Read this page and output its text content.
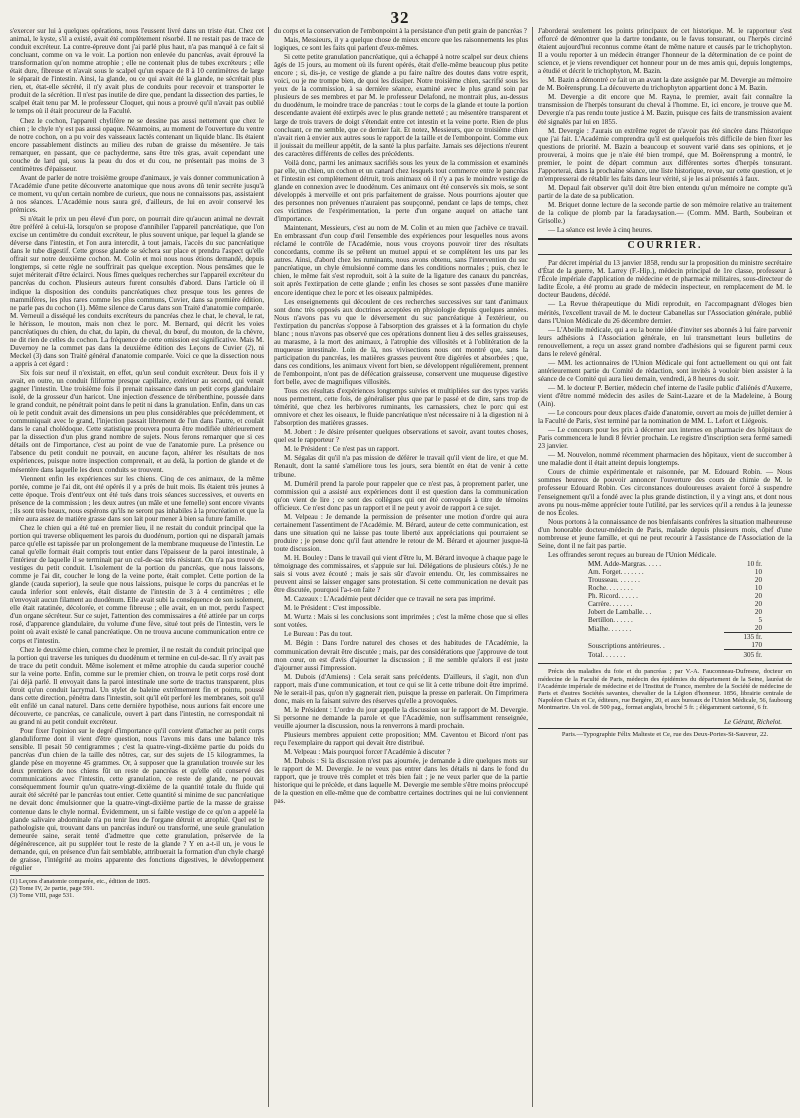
32

s'exercer sur lui à quelques opérations, nous l'eussent livré dans un triste état. Chez cet animal, le kyste, s'il a existé, avait été complètement résorbé. Il ne restait pas de trace de conduit excréteur. La contre-épreuve dont j'ai parlé plus haut, n'a pas manqué à ce fait si concluant, comme on va le voir. La portion non enlevée du pancréas, avait éprouvé la transformation qu'on nomme atrophie ; elle ne contenait plus de tubes excréteurs ; elle était dure, fibreuse et n'avait sous le scalpel qu'un espace de 8 à 10 centimètres de large le séparait de l'intestin. Ainsi, la glande, ou ce qui avait été la glande, ne sécrétait plus rien, et, état-elle sécrété, il n'y avait plus de conduits pour recevoir et transporter le produit de la sécrétion. Il n'est pas inutile de dire que, pendant la dissection des parties, le scalpel était tenu par M. le professeur Cloquet, qui nous a prouvé qu'il n'avait pas oublié le temps où il était procureur de la Faculté.

Chez le cochon, l'appareil chylifère ne se dessine pas aussi nettement que chez le chien ; le chyle n'y est pas aussi opaque. Néanmoins, au moment de l'ouverture du ventre de notre cochon, on a pu voir des vaisseaux lactés contenant un liquide blanc. Ils étaient encore passablement distincts au milieu des ruban de graisse du mésentère. Je tais remarquer, en passant, que ce pachyderme, sans être très gras, avait cependant une couche de lard qui, sous la peau du dos et du cou, ne présentait pas moins de 3 centimètres d'épaisseur.

Avant de parler de notre troisième groupe d'animaux, je vais donner communication à l'Académie d'une petite découverte anatomique que nous avons dû tenir secrète jusqu'à ce moment, vu qu'un certain nombre de curieux, que nous ne connaissons pas, assistaient à nos séances. L'Académie nous saura gré, d'ailleurs, de lui en avoir conservé les prémices.

Si n'était le prix un peu élevé d'un porc, on pourrait dire qu'aucun animal ne devrait être préféré à celui-là, lorsqu'on se propose d'annihiler l'appareil pancréatique, que l'on excise un centimètre du conduit excréteur, le plus souvent unique, par lequel la glande se déverse dans l'intestin, et l'on aura intercdit, à tout jamais, l'accès du suc pancréatique dans le tube digestif. Cette grosse glande se séchera sur place et prendra l'aspect qu'elle offrait sur notre deuxième cochon. M. Colin et moi nous nous étions demandé, depuis longtemps, si cette règle ne souffrirait pas quelque exception. Nous pensâmes que le sujet mériterait d'être éclairci. Nous fîmes quelques recherches sur l'appareil excréteur du pancréas du cochon. Plusieurs auteurs furent consultés d'abord. Dans l'article où il indique la disposition des conduits pancréatiques chez presque tous les genres de mammifères, les plus rares comme les plus communs, Cuvier, dans sa première édition, ne parle pas du cochon (1). Même silence de Carus dans son Traité d'anatomie comparée. M. Verneuil a disséqué les conduits excréteurs du pancréas chez le chat, le cheval, le rat, le hérisson, le mouton, mais non chez le porc. M. Bernard, qui décrit les voies pancréatiques du chien, du chat, du lapin, du cheval, du bœuf, du mouton, de la chèvre, ne dit rien de celles du cochon. La fréquence de cette omission est significative. Mais M. Duvernoy ne la commet pas dans la deuxième édition des Leçons de Cuvier (2), ni Meckel (3) dans son Traité général d'anatomie comparée. Voici ce que la dissection nous a appris à cet égard :

Six fois sur neuf il n'existait, en effet, qu'un seul conduit excréteur. Deux fois il y avait, en outre, un conduit filiforme presque capillaire, extérieur au second, qui venait gagner l'intestin. Une troisième fois il prenait naissance dans un petit corps glandulaire isolé, de la grosseur d'un haricot. Une injection d'essence de térébenthine, poussée dans le grand conduit, ne pénétrait point dans le petit ni dans la granulation. Enfin, dans un cas où le petit conduit avait des dimensions un peu plus considérables que précédemment, et communiquait avec le grand, l'injection passait librement de l'un dans l'autre, et coulait dans le canal cholédoque. Cette statistique prouvera pourra être modifiée ultérieurement par la dissection d'un plus grand nombre de sujets. Nous ferons remarquer que si ces détails ont de l'importance, c'est au point de vue de l'anatomie pure. La présence ou l'absence du petit conduit ne pouvait, en aucune façon, altérer les résultats de nos expériences, puisque notre inspection comprenait, et au delà, la portion de glande et de mésentère dans laquelle les deux conduits se trouvent.

Viennent enfin les expériences sur les chiens. Cinq de ces animaux, de la même portée, comme je l'ai dit, ont été opérés il y a près de huit mois. Ils étaient très jeunes à cette époque. Trois d'entr'eux ont été tués dans trois séances successives, et ouverts en présence de la commission ; les deux autres (un mâle et une femelle) sont encore vivants ; ils sont très beaux, nous espérons qu'ils ne seront pas inhabiles à la procréation et que la mère aura assez de matière grasse dans son lait pour mener à bien sa future famille.

Chez le chien qui a été tué en premier lieu, il ne restait du conduit principal que la portion qui traverse obliquement les parois du duodénum, portion qui ne disparaît jamais parce qu'elle est tapissée par un prolongement de la membrane muqueuse de l'intestin. Le canal qu'elle formait était compris tout entier dans l'épaisseur de la paroi intestinale, à l'intérieur de laquelle il se terminait par un cul-de-sac très résistant. On n'a pas trouvé de vestiges du petit conduit. L'isolement de la portion du pancréas, que nous laissons, comme je l'ai dit, coucher le long de la veine porte, était complet. Cette portion de la glande (cauda superior), la seule que nous laissions, puisque le corps du pancréas et le cauda inferior sont enlevés, était distante de l'intestin de 3 à 4 centimètres ; elle n'envoyait aucun filament au duodénum. Elle avait subi la conséquence de son isolement, elle était ratatinée, décolorée, et comme fibreuse ; elle avait, en un mot, perdu l'aspect d'un organe sécréteur. Sur ce sujet, l'attention des commissaires a été attirée par un corps rosé, d'apparence glandulaire, du volume d'une fève, situé tout près de l'intestin, vers le point où avait existé le canal pancréatique. On ne trouva aucune communication entre ce corps et l'intestin.

Chez le deuxième chien, comme chez le premier, il ne restait du conduit principal que la portion qui traverse les tuniques du duodénum et termine en cul-de-sac. Il n'y avait pas de trace du petit conduit. Même isolement et même atrophie du cauda superior couché sur la veine porte. Enfin, comme sur le premier chien, on trouva le petit corps rosé dont j'ai déjà parlé. Il envoyait dans la paroi intestinale une sorte de tractus transparent, plus étroit qu'un conduit lacrymal. Un stylet de baleine extrêmement fin et pointu, poussé dans cette direction, pénétra dans l'intestin, soit qu'il eût perforé les membranes, soit qu'il eût enfilé un canal naturel. Dans cette dernière hypothèse, nous aurions fait encore une découverte, ce pancréas, ce canalicule, ouvert à part dans l'intestin, ne correspondait ni au grand ni au petit conduit excréteur.

Pour fixer l'opinion sur le degré d'importance qu'il convient d'attacher au petit corps glanduliforme dont il vient d'être question, nous l'avons mis dans une balance très sensible. Il pesait 50 centigrammes ; c'est la quatre-vingt-dixième partie du poids du pancréas d'un chien de la taille des nôtres, car, sur des sujets de 15 kilogrammes, la glande pèse en moyenne 45 grammes. Or, à supposer que la granulation trouvée sur les deux premiers de nos chiens fût un reste de pancréas et qu'elle eût conservé des communications avec l'intestin, cette granulation, ce reste de glande, ne pouvait conséquemment fournir qu'un quatre-vingt-dixième de la quantité totale du fluide qui aurait été sécrété par le pancréas tout entier. Cette quantité si minime de suc pancréatique ne devait donc émulsionner que la quatre-vingt-dixième partie de la masse de graisse contenue dans le chyle normal. Évidemment, un si faible vestige de ce qu'on a appelé la glande salivaire abdominale n'a pu tenir lieu de l'organe détruit et atrophié. Quel est le pathologiste qui, trouvant dans un pancréas induré ou transformé, une seule granulation demeurée saine, serait tenté d'admettre que cette granulation, préservée de la dégénérescence, ait pu suppléer tout le reste de la glande ? Y en a-t-il un, je vous le demande, qui, en présence d'un fait semblable, attribuerait la formation d'un chyle chargé de graisse, l'intégrité au moins apparente des fonctions digestives, le développement régulier

(1) Leçons d'anatomie comparée, etc., édition de 1805.
(2) Tome IV, 2e partie, page 591.
(3) Tome VIII, page 531.

du corps et la conservation de l'embonpoint à la persistance d'un petit grain de pancréas ?

Mais, Messieurs, il y a quelque chose de mieux encore que les raisonnements les plus logiques, ce sont les faits qui parlent d'eux-mêmes.

Si cette petite granulation pancréatique, qui a échappé à notre scalpel sur deux chiens âgés de 15 jours, au moment où ils furent opérés, était d'elle-même beaucoup plus petite encore ; si, dis-je, ce vestige de glande a pu faire naître des doutes dans votre esprit, voici, ou je me trompe bien, de quoi les dissiper. Notre troisième chien, sacrifié sous les yeux de la commission, à sa dernière séance, examiné avec le plus grand soin par plusieurs de ses membres et par M. le professeur Delafond, ne montrait plus, au-dessus du duodénum, le moindre trace de pancréas : tout le corps de la glande et toute la portion descendante avaient été extirpés avec le plus grande netteté ; au mésentère transparent et large de trois travers de doigt s'étendait entre cet intestin et la veine porte. Rien de plus concluant, ce me semble, que ce dernier fait. Et notez, Messieurs, que ce troisième chien n'avait rien à envier aux autres sous le rapport de la taille et de l'embonpoint. Comme eux il jouissait du meilleur appétit, de la santé la plus parfaite. Jamais ses déjections n'eurent des caractères différents de celles des précédents.

Voilà donc, parmi les animaux sacrifiés sous les yeux de la commission et examinés par elle, un chien, un cochon et un canard chez lesquels tout commerce entre le pancréas et l'intestin est complètement détruit, trois animaux où il n'y a pas le moindre vestige de glande en connexion avec le duodénum. Ces animaux ont été conservés six mois, se sont développés à merveille et ont pris parfaitement de graisse. Nous pourrions ajouter que des personnes non prévenues n'auraient pas soupçonné, pendant ce laps de temps, chez ces victimes de l'expérimentation, la perte d'un organe auquel on attache tant d'importance.

Maintenant, Messieurs, c'est au nom de M. Colin et au mien que j'achève ce travail. En embrassant d'un coup d'œil l'ensemble des expériences pour lesquelles nous avons réclamé le contrôle de l'Académie, nous vous croyons pouvoir tirer des résultats concordants, comme ils se prêtent un mutuel appui et se complètent les uns par les autres. Ainsi, d'abord chez les ruminants, nous avons obtenu, sans l'intervention du suc pancréatique, un chyle émulsionné comme dans les conditions normales ; puis, chez le chien, le même fait s'est reproduit, soit à la suite de la ligature des canaux du pancréas, soit après l'extirpation de cette glande ; enfin les choses se sont passées d'une manière encore identique chez le porc et les oiseaux palmipèdes.

Les enseignements qui découlent de ces recherches successives sur tant d'animaux sont donc très opposés aux doctrines acceptées en physiologie depuis quelques années. Nous n'avons pas vu que le déversement du suc pancréatique à l'extérieur, ou l'extirpation du pancréas s'oppose à l'absorption des graisses et à la formation du chyle blanc ; nous n'avons pas observé que ces opérations donnent lieu à des selles graisseuses, au marasme, à la mort des animaux, à l'atrophie des villosités et à l'oblitération de la muqueuse intestinale. Loin de là, nos vivisections nous ont montré que, sans la participation du pancréas, les matières grasses peuvent être digérées et absorbées ; que, dans ces conditions, les animaux vivent fort bien, se développent régulièrement, prennent de l'embonpoint, n'ont pas de défécation graisseuse, conservent une muqueuse digestive fort belle, avec de magnifiques villosités.

Tous ces résultats d'expériences longtemps suivies et multipliées sur des types variés nous permettent, cette fois, de généraliser plus que par le passé et de dire, sans trop de témérité, que chez les herbivores ruminants, les carnassiers, chez le porc qui est omnivore et chez les oiseaux, le fluide pancréatique n'est nécessaire ni à la digestion ni à l'absorption des matières grasses.

M. Jobert : Je désire présenter quelques observations et savoir, avant toutes choses, quel est le rapporteur ?

M. le Président : Ce n'est pas un rapport.

M. Ségalas dit qu'il n'a pas mission de déférer le travail qu'il vient de lire, et que M. Renault, dont la santé s'améliore tous les jours, sera bientôt en état de venir à cette tribune.

M. Duméril prend la parole pour rappeler que ce n'est pas, à proprement parler, une commission qui a assisté aux expériences dont il est question dans la communication qu'on vient de lire ; ce sont des collègues qui ont été convoqués à titre de témoins officieux. Ce n'est donc pas un rapport et il ne peut y avoir de rapport à ce sujet.

M. Velpeau : Je demande la permission de présenter une motion d'ordre qui aura certainement l'assentiment de l'Académie. M. Bérard, auteur de cette communication, est dans une situation qui ne laisse pas toute liberté aux appréciations qui pourraient se produire ; je pense donc qu'il faut attendre le retour de M. Bérard et ajourner jusque-là toute discussion.

M. H. Bouley : Dans le travail qui vient d'être lu, M. Bérard invoque à chaque page le témoignage des commissaires, et s'appuie sur lui. Délégations de plusieurs côtés.) Je ne sais si vous avez écouté ; mais je sais sûr d'avoir entendu. Or, les commissaires ne peuvent ainsi se laisser engager sans protestation. Si cette communication ne devait pas être discutée, pourquoi l'a-t-on faite ?

M. Cazeaux : L'Académie peut décider que ce travail ne sera pas imprimé.

M. le Président : C'est impossible.

M. Wurtz : Mais si les conclusions sont imprimées ; c'est la même chose que si elles sont votées.

Le Bureau : Pas du tout.

M. Bégin : Dans l'ordre naturel des choses et des habitudes de l'Académie, la communication devrait être discutée ; mais, par des considérations que j'approuve de tout mon cœur, on est d'avis d'ajourner la discussion ; il me semble qu'alors il est juste d'ajourner aussi l'impression.

M. Dubois (d'Amiens) : Cela serait sans précédents. D'ailleurs, il s'agit, non d'un rapport, mais d'une communication, et tout ce qui se lit à cette tribune doit être imprimé. Ne le serait-il pas, qu'on n'y gagnerait rien, puisque la presse en parlerait. On l'imprimera donc, mais en la faisant suivre des réserves qu'elle a provoquées.

M. le Président : L'ordre du jour appelle la discussion sur le rapport de M. Devergie. Si personne ne demande la parole et que l'Académie, non suffisamment renseignée, veuille ajourner la discussion, nous la renverrons à mardi prochain.

Plusieurs membres appuient cette proposition; MM. Caventou et Bicord n'ont pas reçu l'exemplaire du rapport qui devait être distribué.

M. Velpeau : Mais pourquoi forcer l'Académie à discuter ?

M. Dubois : Si la discussion n'est pas ajournée, je demande à dire quelques mots sur le rapport de M. Devergie. Je ne veux pas entrer dans les détails ni dans le fond du rapport, que je trouve très complet et très bien fait ; je ne veux parler que de la partie historique qui le précède, et dans laquelle M. Devergie me semble s'être moins préoccupé de la question en elle-même que de combattre certaines doctrines qui ne lui conviennent pas.

J'aborderai seulement les points principaux de cet historique. M. le rapporteur s'est efforcé de démontrer que la dartre tondante, ou le favus tonsurant, ou l'herpès circiné étaient aujourd'hui reconnus comme étant de même nature et causés par le trichophyton. Il a voulu reporter à un médecin étranger l'honneur de la détermination de ce point de science, et je viens revendiquer cet honneur pour un de mes amis qui, depuis longtemps, a étudié et décrit le trichophyton, M. Bazin.

M. Bazin a démontré ce fait un an avant la date assignée par M. Devergie au mémoire de M. Boërensprung. La découverte du trichophyton appartient donc à M. Bazin.

M. Devergie a dit encore que M. Rayna, le premier, avait fait connaître la transmission de l'herpès tonsurant du cheval à l'homme. Et, ici encore, je trouve que M. Devergie n'a pas rendu toute justice à M. Bazin, puisque ces faits de transmission avaient été signalés par lui en 1855.

M. Devergie : J'aurais un extrême regret de n'avoir pas été sincère dans l'historique que j'ai fait. L'Académie comprendra qu'il est quelquefois très difficile de bien fixer les questions de priorité. M. Bazin a beaucoup et souvent varié dans ses opinions, et je prouverai, à moins que je n'aie été bien trompé, que M. Boërensprung a montré, le premier, le point de départ commun aux différentes sortes d'herpès tonsurant. J'apporterai, dans la prochaine séance, une liste historique, revue, sur cette question, et je m'empresserai de rétablir les faits dans leur vérité, si je les ai présentés à faux.

M. Depaul fait observer qu'il doit être bien entendu qu'un mémoire ne compte qu'à partir de la date de sa publication.

M. Briquet donne lecture de la seconde partie de son mémoire relative au traitement de la colique de plomb par la faradaysation.— (Comm. MM. Barth, Soubeiran et Grisolle.)

— La séance est levée à cinq heures.

COURRIER.

Par décret impérial du 13 janvier 1858, rendu sur la proposition du ministre secrétaire d'État de la guerre, M. Larrey (F.-Hip.), médecin principal de 1re classe, professeur à l'École impériale d'application de médecine et de pharmacie militaires, sous-directeur de ladite École, a été promu au grade de médecin inspecteur, en remplacement de M. le docteur Baudens, décédé.

— La Revue thérapeutique du Midi reproduit, en l'accompagnant d'éloges bien mérités, l'excellent travail de M. le docteur Cabanellas sur l'Association générale, publié dans l'Union Médicale du 26 décembre dernier.

— L'Abeille médicale, qui a eu la bonne idée d'inviter ses abonnés à lui faire parvenir leurs adhésions à l'Association générale, en lui transmettant leurs bulletins de renouvellement, a reçu un assez grand nombre d'adhésions qui se figurent parmi ceux dans le relevé général.

— MM. les actionnaires de l'Union Médicale qui font actuellement ou qui ont fait antérieurement partie du Comité de rédaction, sont invités à vouloir bien assister à la séance de ce Comité qui aura lieu demain, vendredi, à 8 heures du soir.

— M. le docteur P. Bertier, médecin chef interne de l'asile public d'aliénés d'Auxerre, vient d'être nommé médecin des asiles de Saint-Lazare et de la Madeleine, à Bourg (Ain).

— Le concours pour deux places d'aide d'anatomie, ouvert au mois de juillet dernier à la Faculté de Paris, s'est terminé par la nomination de MM. L. Lefort et Liégeois.

— Le concours pour les prix à décerner aux internes en pharmacie des hôpitaux de Paris commencera le lundi 8 février prochain. Le registre d'inscription sera fermé samedi 23 janvier.

— M. Nouvelon, nommé récemment pharmacien des hôpitaux, vient de succomber à une maladie dont il était atteint depuis longtemps.

Cours de chimie expérimentale et raisonnée, par M. Edouard Robin. — Nous sommes heureux de pouvoir annoncer l'ouverture des cours de chimie de M. le professeur Edouard Robin. Ces circonstances douloureuses avaient forcé à suspendre l'enseignement qu'il a fondé avec la plus grande distinction, il y a vingt ans, et dont nous avons pu nous-même apprécier toute l'utilité, par les services qu'il a rendus à la jeunesse de nos Écoles.

Nous portons à la connaissance de nos bienfaisants confrères la situation malheureuse d'un honorable docteur-médecin de Paris, malade depuis plusieurs mois, chef d'une nombreuse et jeune famille, et qui ne peut recourir à l'assistance de l'Association de la Seine, dont il ne fait pas partie.

Les offrandes seront reçues au bureau de l'Union Médicale.

MM. Adde-Margras. . . . .	10 fr.
Am. Forget. . . . . . .	10
Trousseau. . . . . . .	20
Roche. . . . . . . .	10
Ph. Ricord. . . . . .	20
Carrère. . . . . . .	20
Jobert de Lamballe. . .	20
Bertillon. . . . . .	5
Mialhe. . . . . . .	20
	135 fr.
Souscriptions antérieures. .	170
Total. . . . . . .	305 fr.

Précis des maladies du foie et du pancréas ; par V.-A. Fauconneau-Dufresne, docteur en médecine de la Faculté de Paris, médecin des épidémies du département de la Seine, lauréat de l'Académie impériale de médecine et de l'Institut de France, membre de la Société de médecine de Paris et d'autres Sociétés savantes, chevalier de la Légion d'honneur. 1856, librairie centrale de Napoléon Chaix et Ce, éditeurs, rue Bergère, 20, et aux bureaux de l'Union Médicale, 56, faubourg Montmartre. Un vol. de 500 pag., format anglais, broché 5 fr. ; élégamment cartonné, 6 fr.

Le Gérant, Richelot.
Paris.—Typographie Félix Malteste et Ce, rue des Deux-Portes-St-Sauveur, 22.
